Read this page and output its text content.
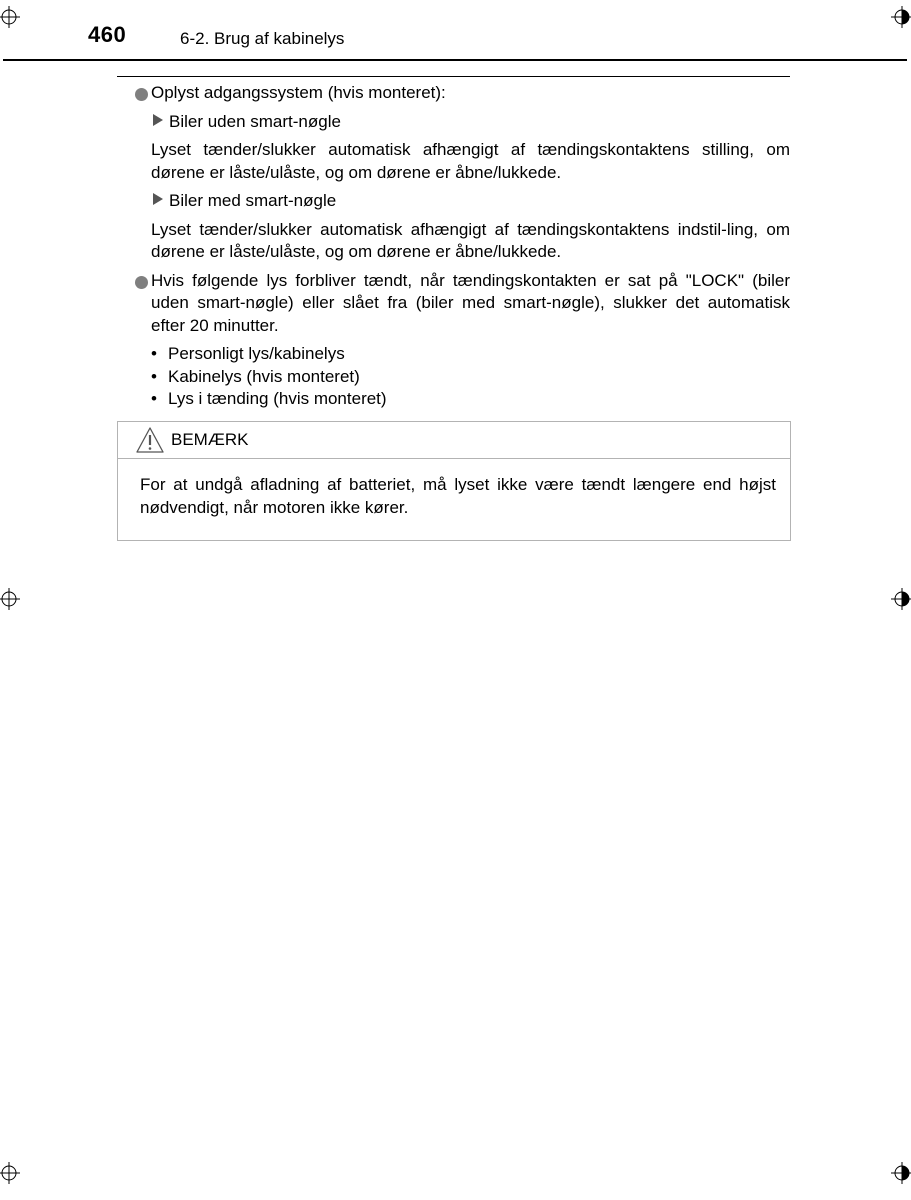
460	6-2. Brug af kabinelys
Oplyst adgangssystem (hvis monteret):
Biler uden smart-nøgle
Lyset tænder/slukker automatisk afhængigt af tændingskontaktens stilling, om dørene er låste/ulåste, og om dørene er åbne/lukkede.
Biler med smart-nøgle
Lyset tænder/slukker automatisk afhængigt af tændingskontaktens indstil-ling, om dørene er låste/ulåste, og om dørene er åbne/lukkede.
Hvis følgende lys forbliver tændt, når tændingskontakten er sat på "LOCK" (biler uden smart-nøgle) eller slået fra (biler med smart-nøgle), slukker det automatisk efter 20 minutter.
• Personligt lys/kabinelys
• Kabinelys (hvis monteret)
• Lys i tænding (hvis monteret)
BEMÆRK
For at undgå afladning af batteriet, må lyset ikke være tændt længere end højst nødvendigt, når motoren ikke kører.
